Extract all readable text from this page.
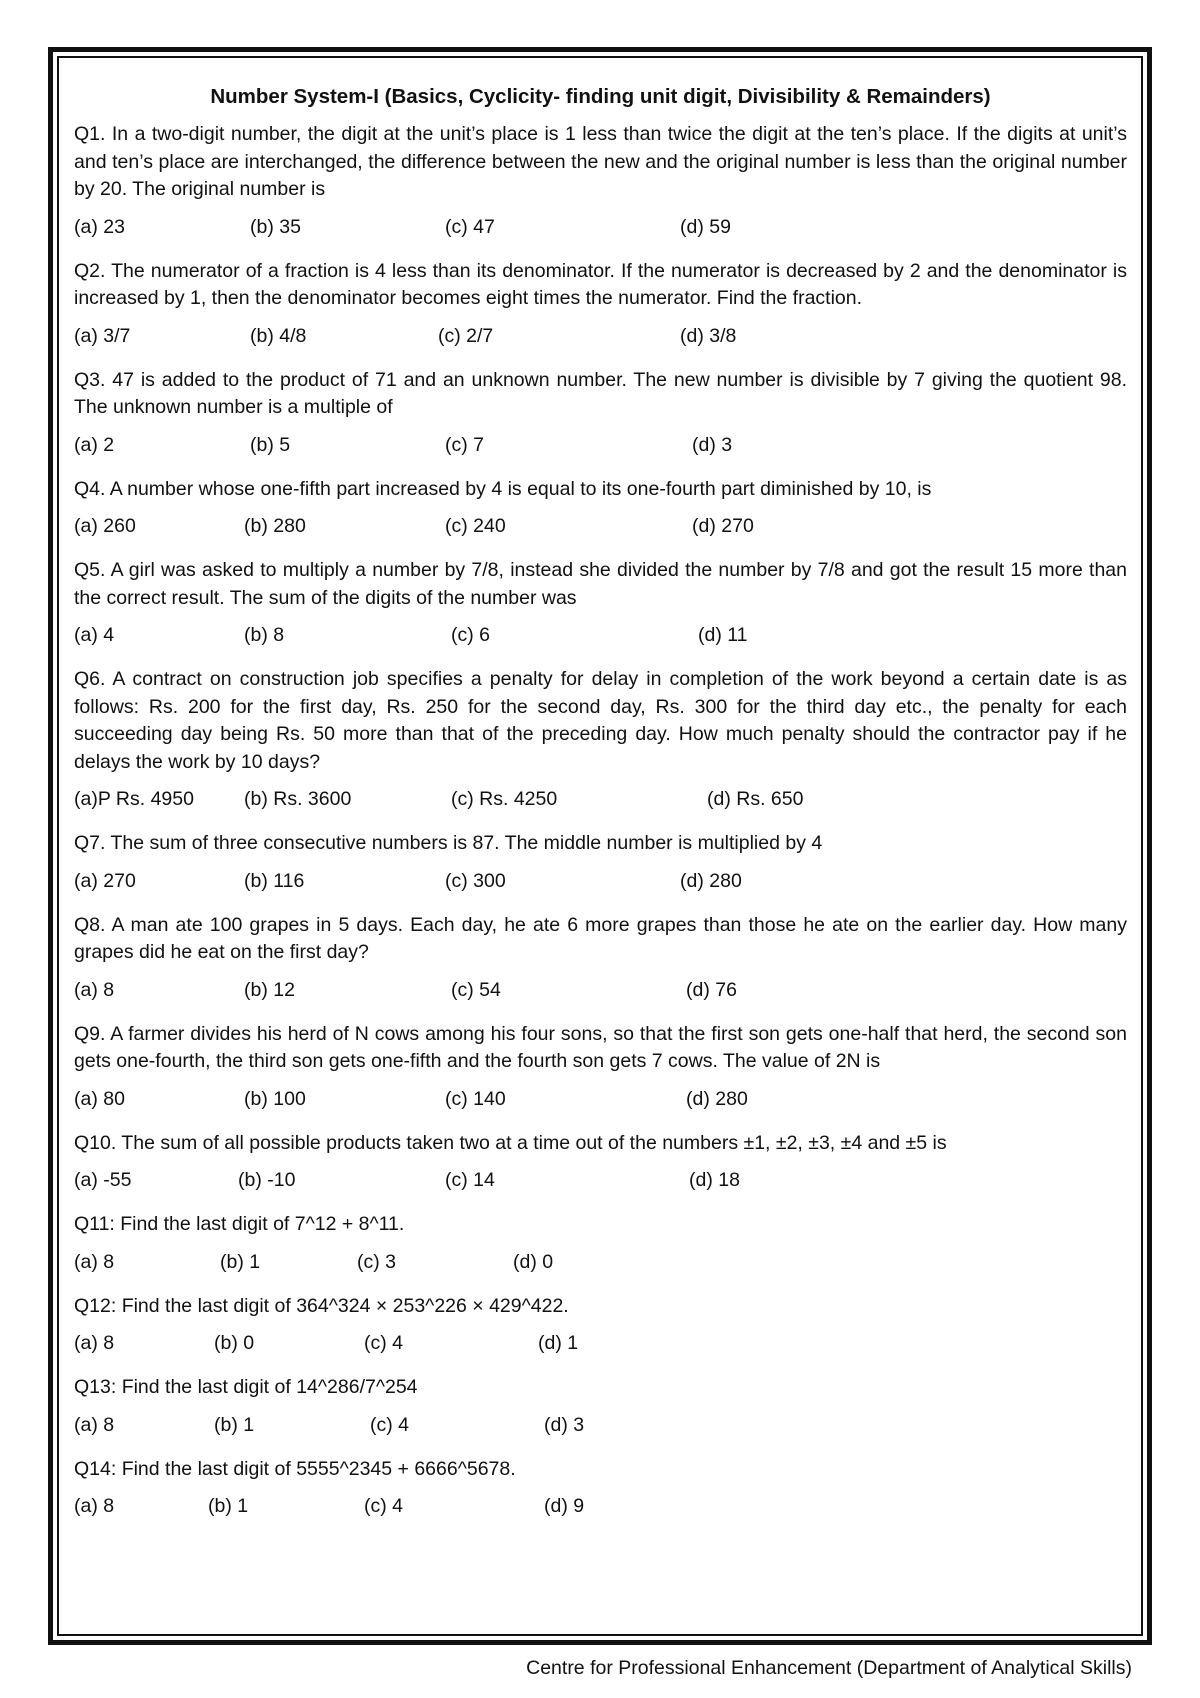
Number System-I (Basics, Cyclicity- finding unit digit, Divisibility & Remainders)

Q1. In a two-digit number, the digit at the unit’s place is 1 less than twice the digit at the ten’s place. If the digits at unit’s and ten’s place are interchanged, the difference between the new and the original number is less than the original number by 20. The original number is

(a) 23	(b) 35	(c) 47	(d) 59

Q2. The numerator of a fraction is 4 less than its denominator. If the numerator is decreased by 2 and the denominator is increased by 1, then the denominator becomes eight times the numerator. Find the fraction.

(a) 3/7	(b) 4/8	(c) 2/7	(d) 3/8

Q3. 47 is added to the product of 71 and an unknown number. The new number is divisible by 7 giving the quotient 98. The unknown number is a multiple of

(a) 2	(b) 5	(c) 7	(d) 3

Q4. A number whose one-fifth part increased by 4 is equal to its one-fourth part diminished by 10, is

(a) 260	(b) 280	(c) 240	(d) 270

Q5. A girl was asked to multiply a number by 7/8, instead she divided the number by 7/8 and got the result 15 more than the correct result. The sum of the digits of the number was

(a) 4	(b) 8	(c) 6	(d) 11

Q6. A contract on construction job specifies a penalty for delay in completion of the work beyond a certain date is as follows: Rs. 200 for the first day, Rs. 250 for the second day, Rs. 300 for the third day etc., the penalty for each succeeding day being Rs. 50 more than that of the preceding day. How much penalty should the contractor pay if he delays the work by 10 days?

(a)P Rs. 4950	(b) Rs. 3600	(c) Rs. 4250	(d) Rs. 650

Q7. The sum of three consecutive numbers is 87. The middle number is multiplied by 4

(a) 270	(b) 116	(c) 300	(d) 280

Q8. A man ate 100 grapes in 5 days. Each day, he ate 6 more grapes than those he ate on the earlier day. How many grapes did he eat on the first day?

(a) 8	(b) 12	(c) 54	(d) 76

Q9. A farmer divides his herd of N cows among his four sons, so that the first son gets one-half that herd, the second son gets one-fourth, the third son gets one-fifth and the fourth son gets 7 cows. The value of 2N is

(a) 80	(b) 100	(c) 140	(d) 280

Q10. The sum of all possible products taken two at a time out of the numbers ±1, ±2, ±3, ±4 and ±5 is

(a) -55	(b) -10	(c) 14	(d) 18

Q11: Find the last digit of 7^12 + 8^11.

(a) 8	(b) 1	(c) 3	(d) 0

Q12: Find the last digit of 364^324 × 253^226 × 429^422.

(a) 8	(b) 0	(c) 4	(d) 1

Q13: Find the last digit of 14^286/7^254

(a) 8	(b) 1	(c) 4	(d) 3

Q14: Find the last digit of 5555^2345 + 6666^5678.

(a) 8	(b) 1	(c) 4	(d) 9
Centre for Professional Enhancement (Department of Analytical Skills)
